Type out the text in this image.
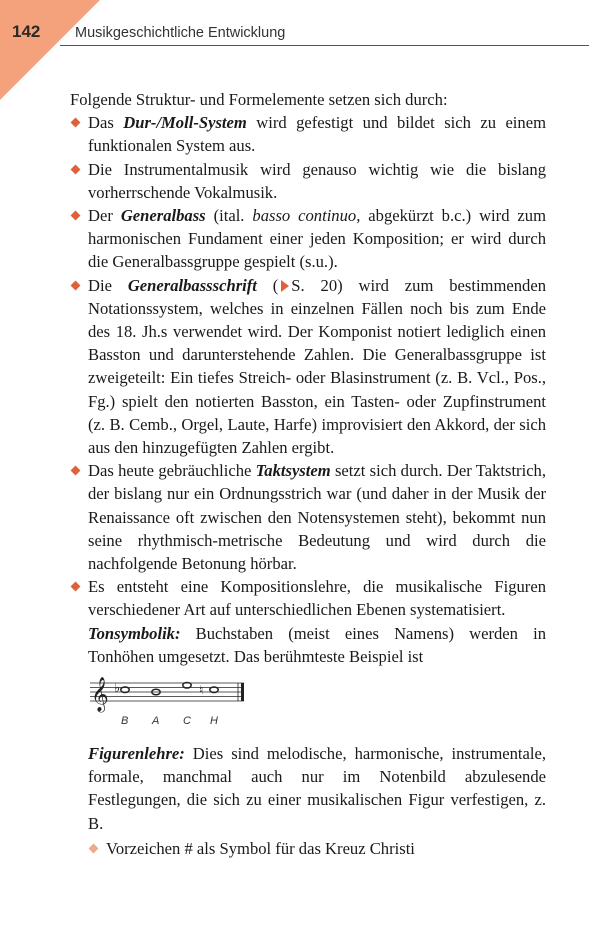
142 Musikgeschichtliche Entwicklung

Folgende Struktur- und Formelemente setzen sich durch:

Das Dur-/Moll-System wird gefestigt und bildet sich zu einem funktionalen System aus.
Die Instrumentalmusik wird genauso wichtig wie die bislang vorherrschende Vokalmusik.
Der Generalbass (ital. basso continuo, abgekürzt b.c.) wird zum harmonischen Fundament einer jeden Komposition; er wird durch die Generalbassgruppe gespielt (s.u.).
Die Generalbassschrift ( S. 20) wird zum bestimmenden Notationssystem, welches in einzelnen Fällen noch bis zum Ende des 18. Jh.s verwendet wird. Der Komponist notiert lediglich einen Basston und darunterstehende Zahlen. Die Generalbassgruppe ist zweigeteilt: Ein tiefes Streich- oder Blasinstrument (z. B. Vcl., Pos., Fg.) spielt den notierten Basston, ein Tasten- oder Zupfinstrument (z. B. Cemb., Orgel, Laute, Harfe) improvisiert den Akkord, der sich aus den hinzugefügten Zahlen ergibt.
Das heute gebräuchliche Taktsystem setzt sich durch. Der Taktstrich, der bislang nur ein Ordnungsstrich war (und daher in der Musik der Renaissance oft zwischen den Notensystemen steht), bekommt nun seine rhythmisch-metrische Bedeutung und wird durch die nachfolgende Betonung hörbar.
Es entsteht eine Kompositionslehre, die musikalische Figuren verschiedener Art auf unterschiedlichen Ebenen systematisiert.

Tonsymbolik: Buchstaben (meist eines Namens) werden in Tonhöhen umgesetzt. Das berühmteste Beispiel ist

𝄞 ♭	♮
B A C H

Figurenlehre: Dies sind melodische, harmonische, instrumentale, formale, manchmal auch nur im Notenbild abzulesende Festlegungen, die sich zu einer musikalischen Figur verfestigen, z. B.

Vorzeichen # als Symbol für das Kreuz Christi
